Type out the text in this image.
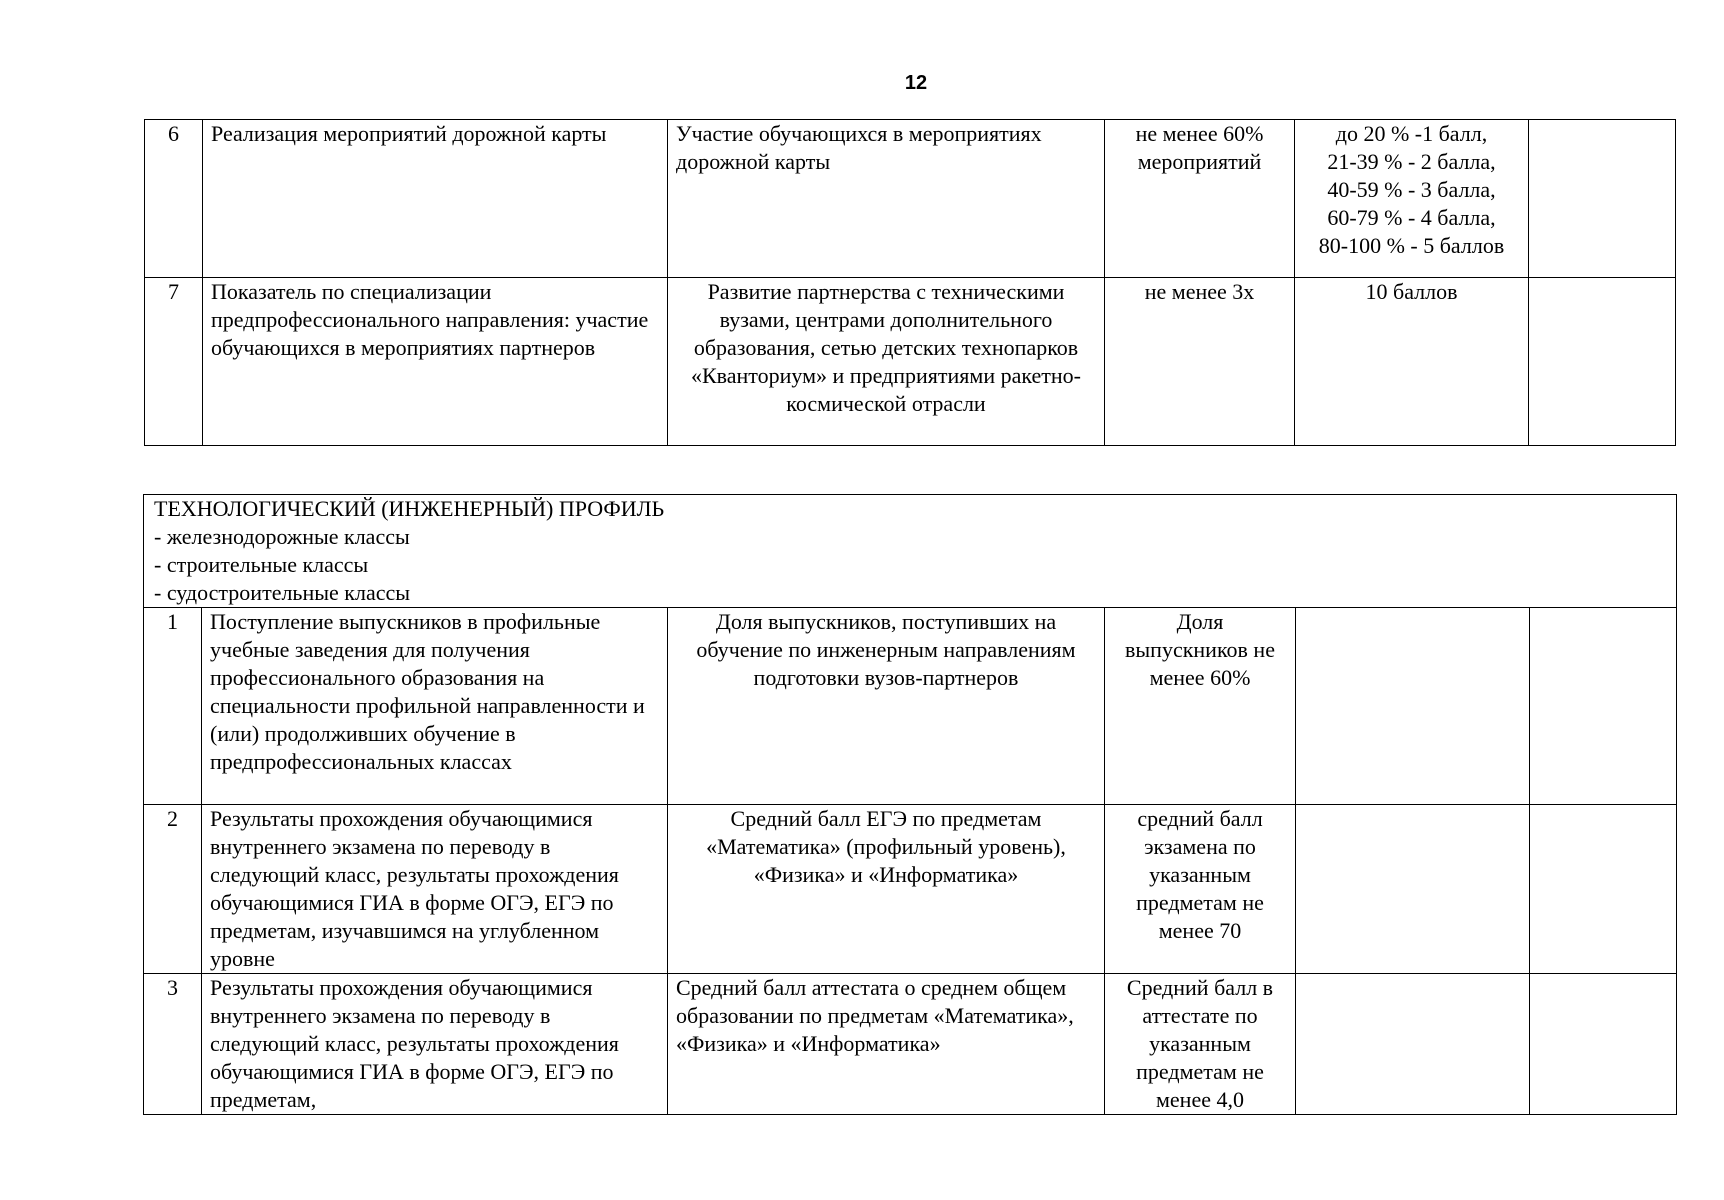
12
6	Реализация мероприятий дорожной карты	Участие обучающихся в мероприятиях дорожной карты	не менее 60% мероприятий	до 20 % -1 балл,
21-39 % - 2 балла,
40-59 % - 3 балла,
60-79 % - 4 балла,
80-100 % - 5 баллов	

7	Показатель по специализации предпрофессионального направления: участие обучающихся в мероприятиях партнеров	Развитие партнерства с техническими вузами, центрами дополнительного образования, сетью детских технопарков «Кванториум» и предприятиями ракетно-космической отрасли	не менее 3х	10 баллов	

ТЕХНОЛОГИЧЕСКИЙ (ИНЖЕНЕРНЫЙ) ПРОФИЛЬ
- железнодорожные классы
- строительные классы
- судостроительные классы					

1	Поступление выпускников в профильные учебные заведения для получения профессионального образования на специальности профильной направленности и (или) продолживших обучение в предпрофессиональных классах	Доля выпускников, поступивших на обучение по инженерным направлениям подготовки вузов-партнеров	Доля выпускников не менее 60%		
2	Результаты прохождения обучающимися внутреннего экзамена по переводу в следующий класс, результаты прохождения обучающимися ГИА в форме ОГЭ, ЕГЭ по предметам, изучавшимся на углубленном уровне	Средний балл ЕГЭ по предметам «Математика» (профильный уровень), «Физика» и «Информатика»	средний балл экзамена по указанным предметам не менее 70		
3	Результаты прохождения обучающимися внутреннего экзамена по переводу в следующий класс, результаты прохождения обучающимися ГИА в форме ОГЭ, ЕГЭ по предметам,	Средний балл аттестата о среднем общем образовании по предметам «Математика», «Физика» и «Информатика»	Средний балл в аттестате по указанным предметам не менее 4,0		
